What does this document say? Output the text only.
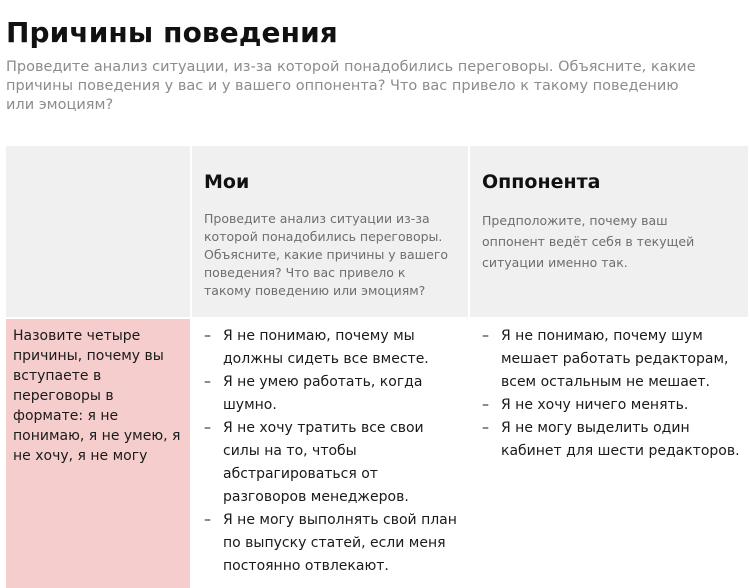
Причины поведения
Проведите анализ ситуации, из-за которой понадобились переговоры. Объясните, какие причины поведения у вас и у вашего оппонента? Что вас привело к такому поведению или эмоциям?
Мои
Проведите анализ ситуации из-за которой понадобились переговоры. Объясните, какие причины у вашего поведения? Что вас привело к такому поведению или эмоциям?
Оппонента
Предположите, почему ваш оппонент ведёт себя в текущей ситуации именно так.
Назовите четыре причины, почему вы вступаете в переговоры в формате: я не понимаю, я не умею, я не хочу, я не могу
– Я не понимаю, почему мы должны сидеть все вместе.
– Я не умею работать, когда шумно.
– Я не хочу тратить все свои силы на то, чтобы абстрагироваться от разговоров менеджеров.
– Я не могу выполнять свой план по выпуску статей, если меня постоянно отвлекают.
– Я не понимаю, почему шум мешает работать редакторам, всем остальным не мешает.
– Я не хочу ничего менять.
– Я не могу выделить один кабинет для шести редакторов.
